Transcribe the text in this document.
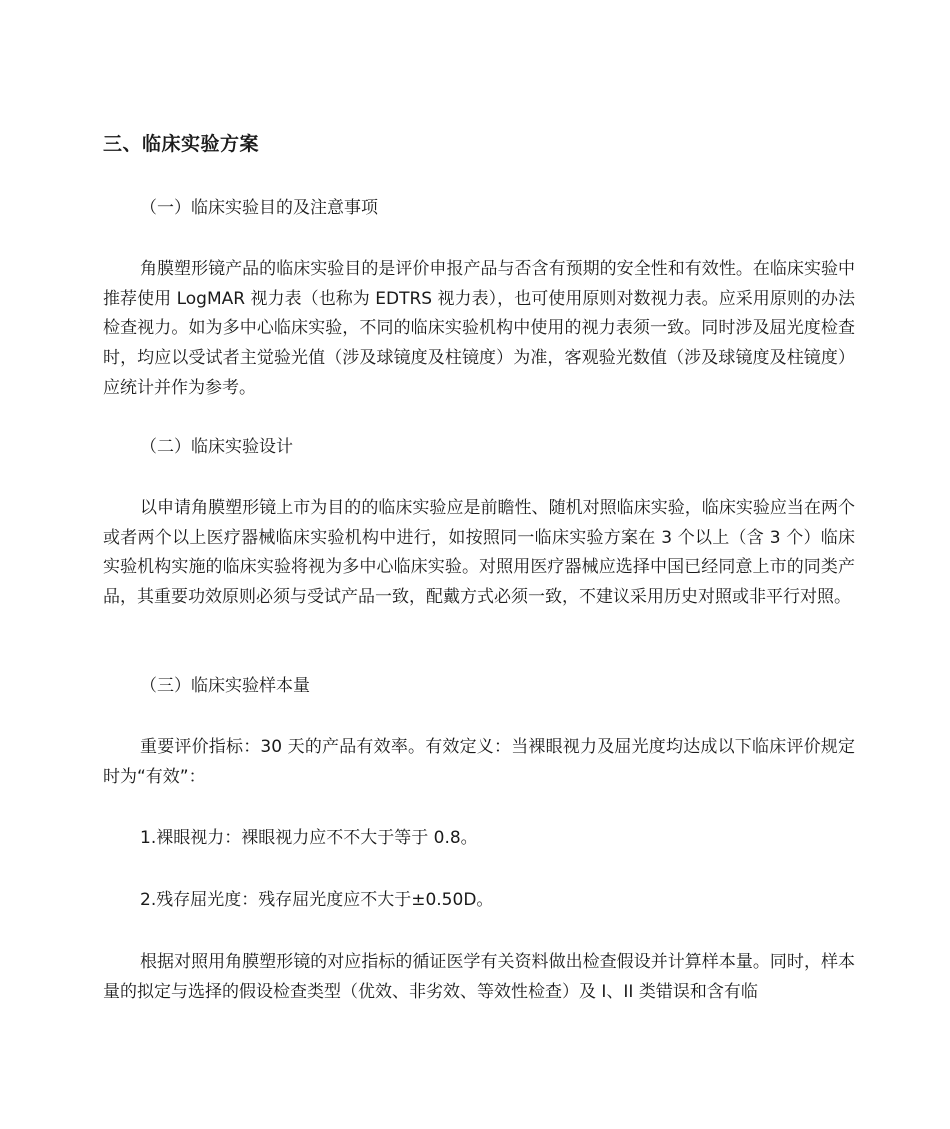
三、临床实验方案
（一）临床实验目的及注意事项

角膜塑形镜产品的临床实验目的是评价申报产品与否含有预期的安全性和有效性。在临床实验中推荐使用 LogMAR 视力表（也称为 EDTRS 视力表），也可使用原则对数视力表。应采用原则的办法检查视力。如为多中心临床实验，不同的临床实验机构中使用的视力表须一致。同时涉及屈光度检查时，均应以受试者主觉验光值（涉及球镜度及柱镜度）为准，客观验光数值（涉及球镜度及柱镜度）应统计并作为参考。

（二）临床实验设计

以申请角膜塑形镜上市为目的的临床实验应是前瞻性、随机对照临床实验，临床实验应当在两个或者两个以上医疗器械临床实验机构中进行，如按照同一临床实验方案在 3 个以上（含 3 个）临床实验机构实施的临床实验将视为多中心临床实验。对照用医疗器械应选择中国已经同意上市的同类产品，其重要功效原则必须与受试产品一致，配戴方式必须一致，不建议采用历史对照或非平行对照。

（三）临床实验样本量

重要评价指标：30 天的产品有效率。有效定义：当裸眼视力及屈光度均达成以下临床评价规定时为“有效”：

1.裸眼视力：裸眼视力应不不大于等于 0.8。
2.残存屈光度：残存屈光度应不大于±0.50D。

根据对照用角膜塑形镜的对应指标的循证医学有关资料做出检查假设并计算样本量。同时，样本量的拟定与选择的假设检查类型（优效、非劣效、等效性检查）及 I、II 类错误和含有临
